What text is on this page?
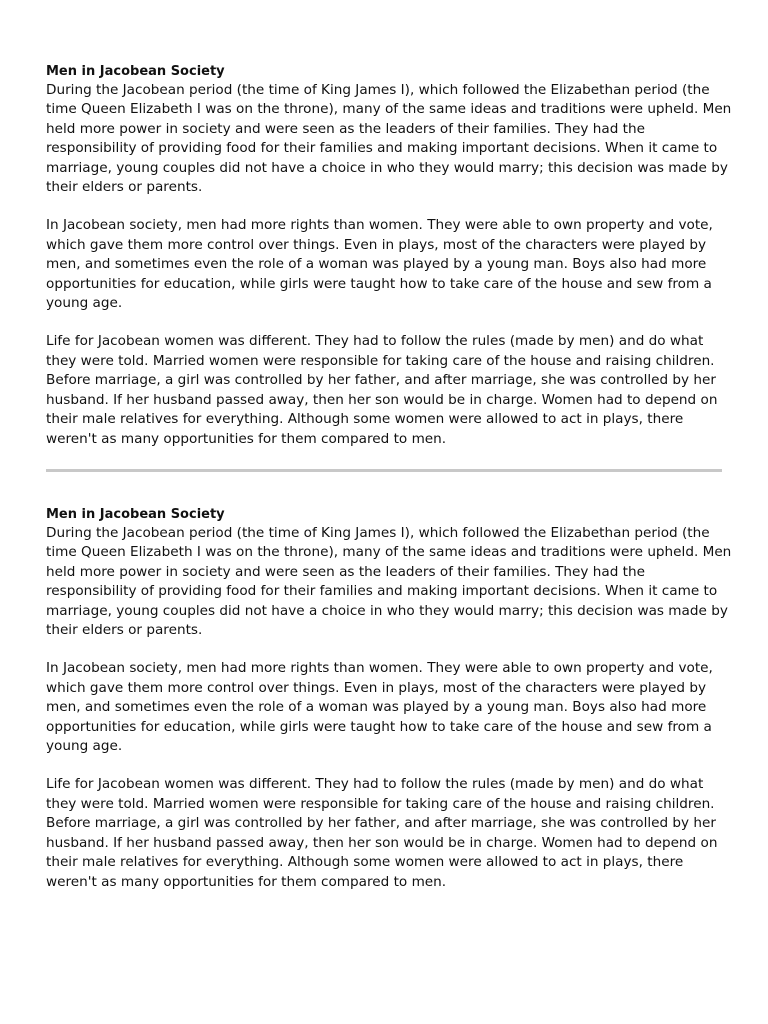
Men in Jacobean Society

During the Jacobean period (the time of King James I), which followed the Elizabethan period (the time Queen Elizabeth I was on the throne), many of the same ideas and traditions were upheld. Men held more power in society and were seen as the leaders of their families. They had the responsibility of providing food for their families and making important decisions. When it came to marriage, young couples did not have a choice in who they would marry; this decision was made by their elders or parents.

In Jacobean society, men had more rights than women. They were able to own property and vote, which gave them more control over things. Even in plays, most of the characters were played by men, and sometimes even the role of a woman was played by a young man. Boys also had more opportunities for education, while girls were taught how to take care of the house and sew from a young age.

Life for Jacobean women was different. They had to follow the rules (made by men) and do what they were told. Married women were responsible for taking care of the house and raising children. Before marriage, a girl was controlled by her father, and after marriage, she was controlled by her husband. If her husband passed away, then her son would be in charge. Women had to depend on their male relatives for everything. Although some women were allowed to act in plays, there weren't as many opportunities for them compared to men.

Men in Jacobean Society

During the Jacobean period (the time of King James I), which followed the Elizabethan period (the time Queen Elizabeth I was on the throne), many of the same ideas and traditions were upheld. Men held more power in society and were seen as the leaders of their families. They had the responsibility of providing food for their families and making important decisions. When it came to marriage, young couples did not have a choice in who they would marry; this decision was made by their elders or parents.

In Jacobean society, men had more rights than women. They were able to own property and vote, which gave them more control over things. Even in plays, most of the characters were played by men, and sometimes even the role of a woman was played by a young man. Boys also had more opportunities for education, while girls were taught how to take care of the house and sew from a young age.

Life for Jacobean women was different. They had to follow the rules (made by men) and do what they were told. Married women were responsible for taking care of the house and raising children. Before marriage, a girl was controlled by her father, and after marriage, she was controlled by her husband. If her husband passed away, then her son would be in charge. Women had to depend on their male relatives for everything. Although some women were allowed to act in plays, there weren't as many opportunities for them compared to men.
